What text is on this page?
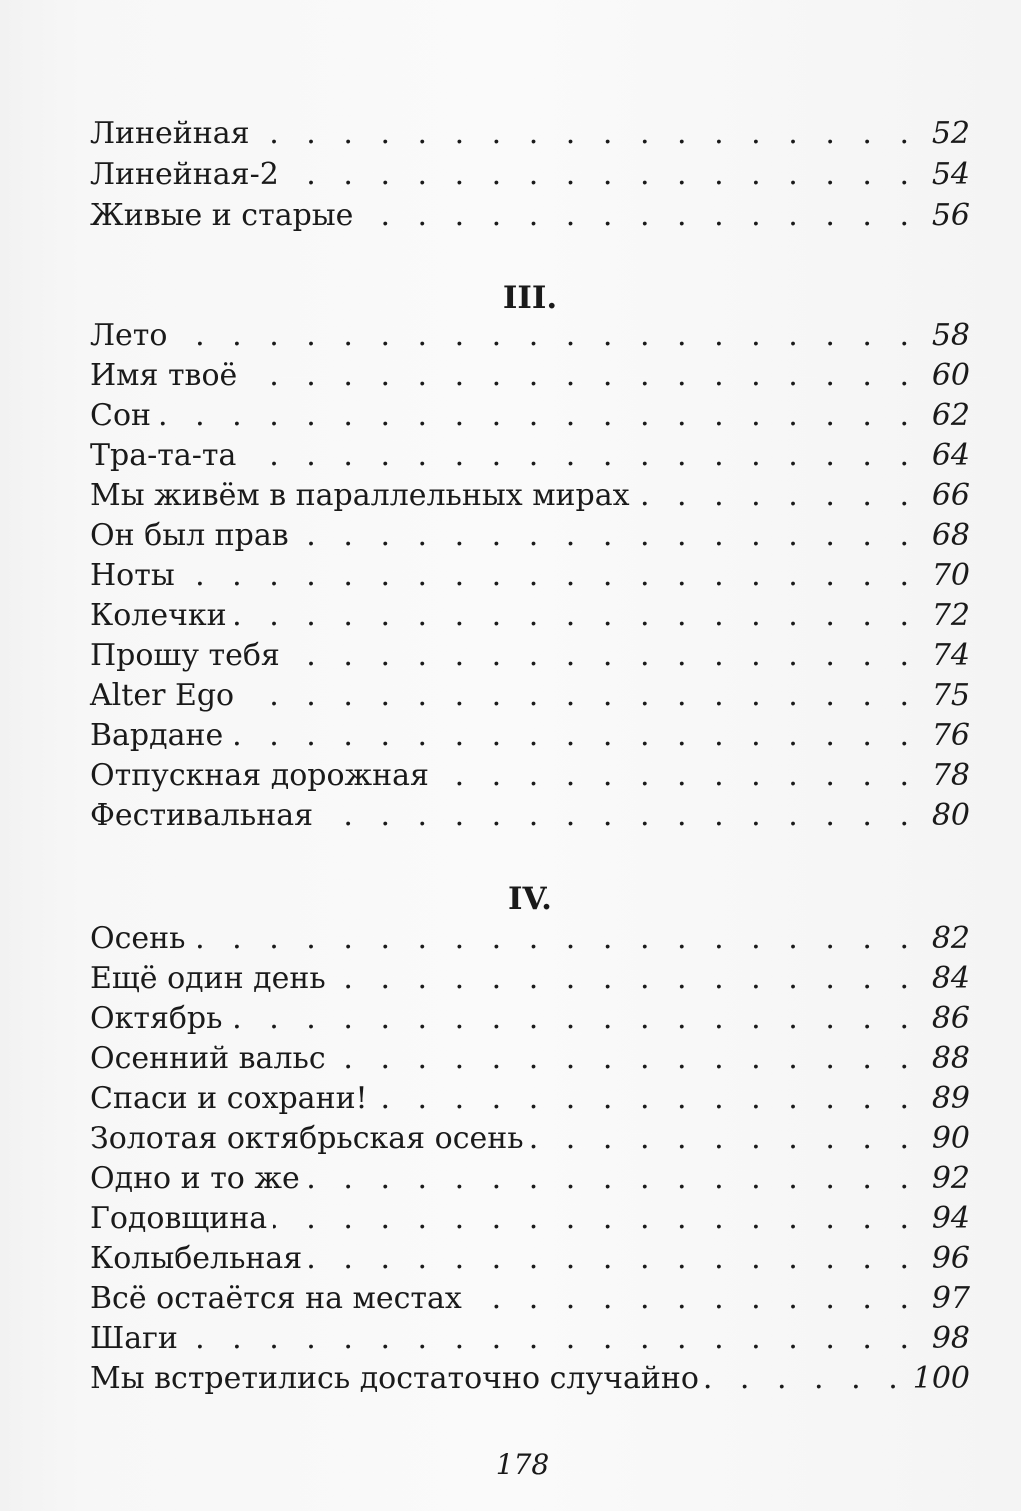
Линейная . . .	52
Линейная-2 . . .	54
Живые и старые . . .	56
III.
Лето . . .	58
Имя твоё . . .	60
Сон . . .	62
Тра-та-та . . .	64
Мы живём в параллельных мирах . . .	66
Он был прав . . .	68
Ноты . . .	70
Колечки . . .	72
Прошу тебя . . .	74
Alter Ego . . .	75
Вардане . . .	76
Отпускная дорожная . . .	78
Фестивальная . . .	80
IV.
Осень . . .	82
Ещё один день . . .	84
Октябрь . . .	86
Осенний вальс . . .	88
Спаси и сохрани! . . .	89
Золотая октябрьская осень . . .	90
Одно и то же . . .	92
Годовщина . . .	94
Колыбельная . . .	96
Всё остаётся на местах . . .	97
Шаги . . .	98
Мы встретились достаточно случайно . . .	100
178
